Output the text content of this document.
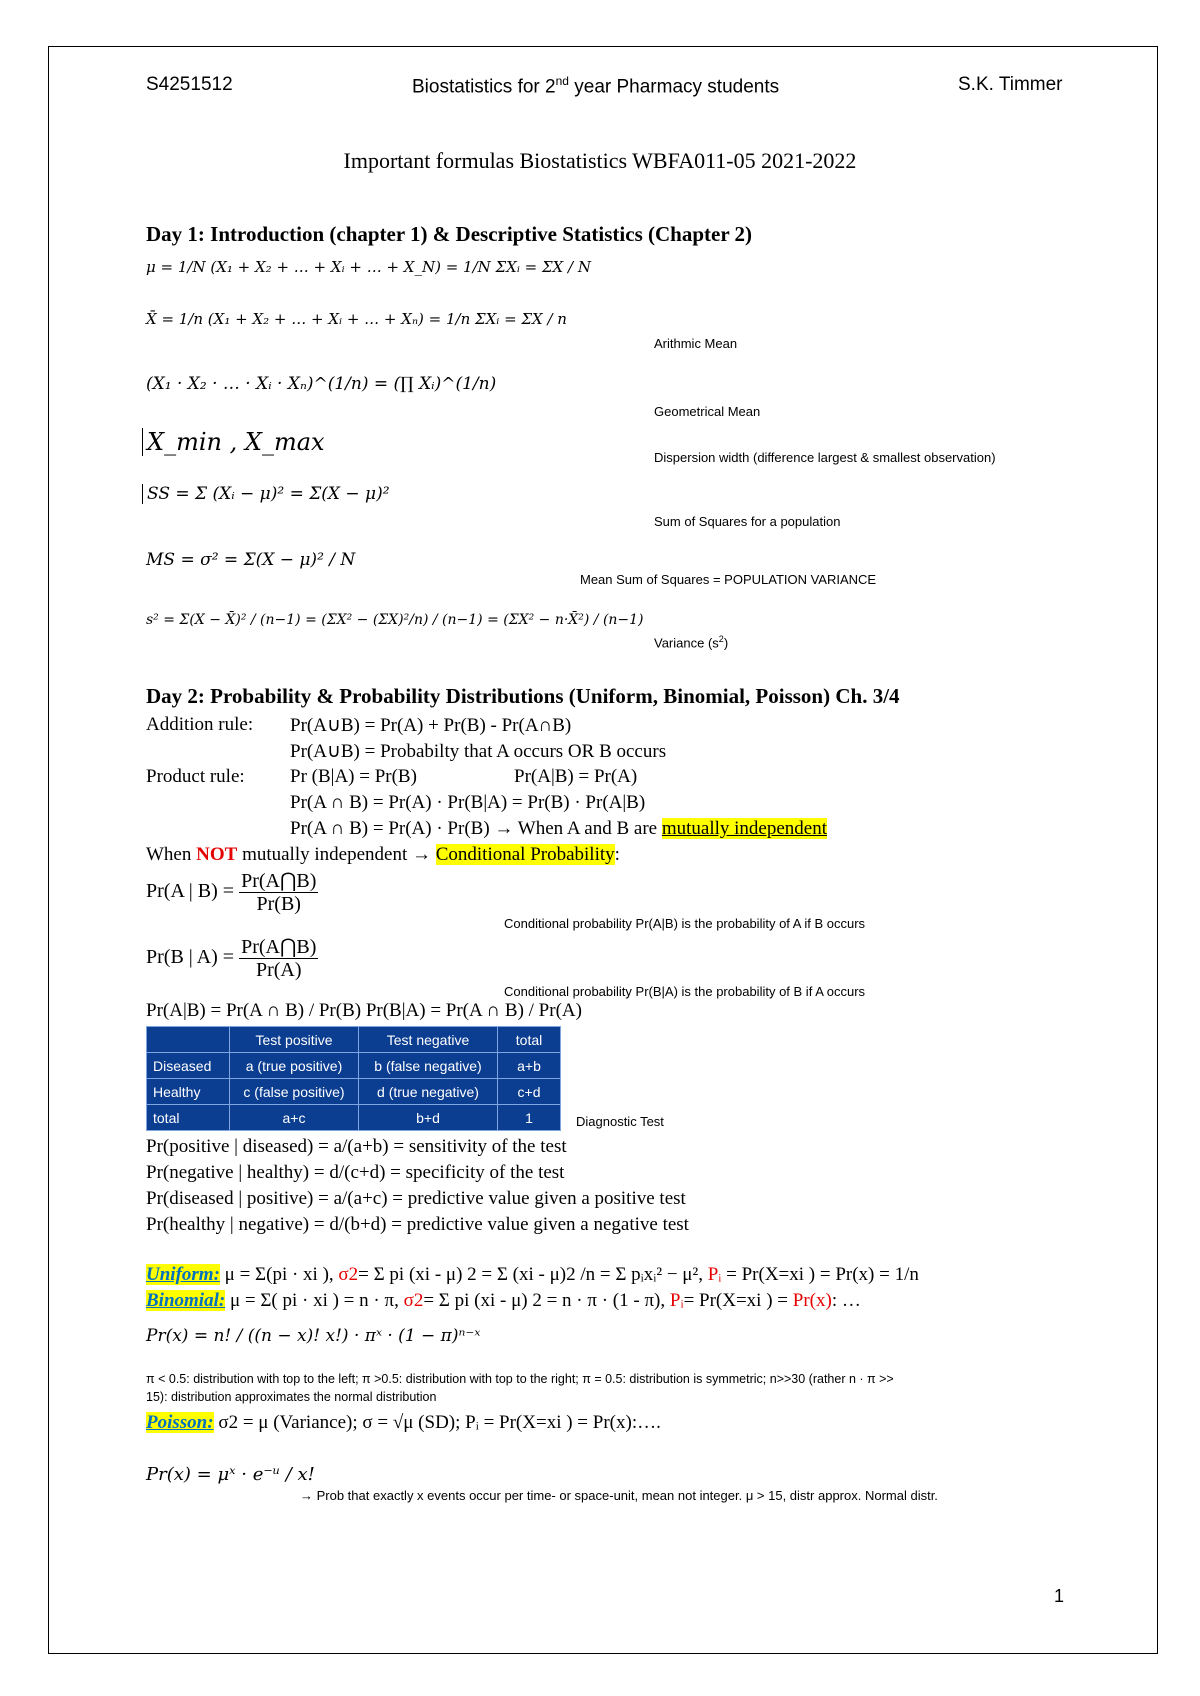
S4251512	Biostatistics for 2nd year Pharmacy students	S.K. Timmer
Important formulas Biostatistics WBFA011-05 2021-2022
Day 1: Introduction (chapter 1) & Descriptive Statistics (Chapter 2)
μ = 1/N (X₁ + X₂ + … + Xᵢ + … + X_N) = 1/N ΣXᵢ = ΣX / N
X̄ = 1/n (X₁ + X₂ + … + Xᵢ + … + Xₙ) = 1/n ΣXᵢ = ΣX / n
Arithmic Mean
(X₁ · X₂ · … · Xᵢ · Xₙ)^(1/n) = (∏ Xᵢ)^(1/n)
Geometrical Mean
X_min , X_max
Dispersion width (difference largest & smallest observation)
SS = Σ (Xᵢ − μ)² = Σ(X − μ)²
Sum of Squares for a population
MS = σ² = Σ(X − μ)² / N
Mean Sum of Squares = POPULATION VARIANCE
s² = Σ(X − X̄)² / (n−1) = (ΣX² − (ΣX)²/n) / (n−1) = (ΣX² − n·X̄²) / (n−1)
Variance $(s^2)$
Day 2: Probability & Probability Distributions (Uniform, Binomial, Poisson) Ch. 3/4
Addition rule: Pr(A∪B) = Pr(A) + Pr(B) - Pr(A∩B)
Pr(A∪B) = Probabilty that A occurs OR B occurs
Product rule: Pr (B|A) = Pr(B)	Pr(A|B) = Pr(A)
Pr(A ∩ B) = Pr(A) · Pr(B|A) = Pr(B) · Pr(A|B)
Pr(A ∩ B) = Pr(A) · Pr(B) → When A and B are mutually independent
When NOT mutually independent → Conditional Probability:
Pr(A | $B) = \frac{Pr(A⋂B)}{Pr(B)}$
Conditional probability Pr(A|B) is the probability of A if B occurs
Pr(B | $A) = \frac{Pr(A⋂B)}{Pr(A)}$
Conditional probability Pr(B|A) is the probability of B if A occurs
Pr(A|B) = Pr(A ∩ B) / Pr(B) Pr(B|A) = Pr(A ∩ B) / Pr(A)
	Test positive	Test negative	total
Diseased	a (true positive)	b (false negative)	a+b
Healthy	c (false positive)	d (true negative)	c+d
total	a+c	b+d	1	Diagnostic Test
Pr(positive | diseased) = a/(a+b) = sensitivity of the test
Pr(negative | healthy) = d/(c+d) = specificity of the test
Pr(diseased | positive) = a/(a+c) = predictive value given a positive test
Pr(healthy | negative) = d/(b+d) = predictive value given a negative test
Uniform: μ = Σ(pi · xi ), σ2= Σ pi (xi - μ) 2 = Σ (xi - μ)2 /n = Σ pᵢxᵢ² − μ², Pᵢ = Pr(X=xi ) = Pr(x) = 1/n
Binomial: μ = Σ( pi · xi ) = n · π, σ2= Σ pi (xi - μ) 2 = n · π · (1 - π), Pᵢ= Pr(X=xi ) = Pr(x): …
Pr(x) = n! / ((n − x)! x!) · πˣ · (1 − π)ⁿ⁻ˣ
π < 0.5: distribution with top to the left; π >0.5: distribution with top to the right; π = 0.5: distribution is symmetric; n>>30 (rather n · π >>
15): distribution approximates the normal distribution
Poisson: σ2 = μ (Variance); σ = √μ (SD); Pᵢ = Pr(X=xi ) = Pr(x):….
Pr(x) = μˣ · e⁻ᵘ / x!
→ Prob that exactly x events occur per time- or space-unit, mean not integer. μ > 15, distr approx. Normal distr.
1
